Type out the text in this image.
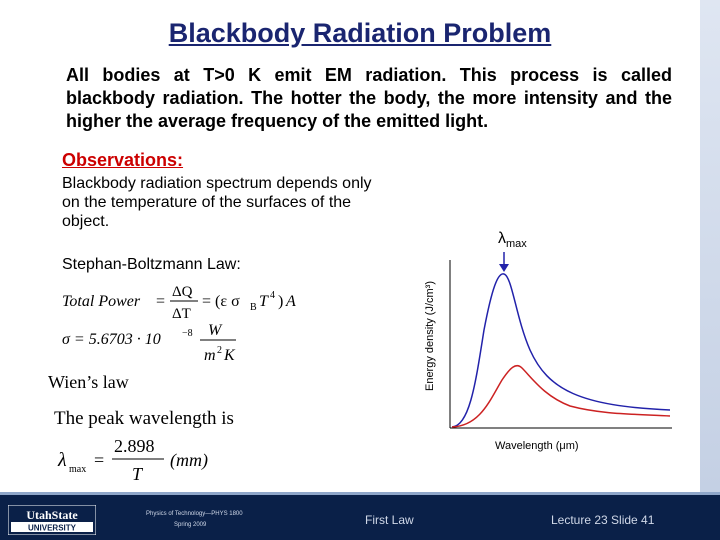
Blackbody Radiation Problem
All bodies at T>0 K emit EM radiation. This process is called blackbody radiation. The hotter the body, the more intensity and the higher the average frequency of the emitted light.
Observations:
Blackbody radiation spectrum depends only on the temperature of the surfaces of the object.
Stephan-Boltzmann Law:
Total Power =
ΔQ
ΔT
= (ε σ B T 4 ) A
σ = 5.6703 · 10 −8 W
m 2 K
Wien’s law
The peak wavelength is
λ max =
2.898
T
(mm)
$\lambda_{max}$
Energy density (J/cm³)
Wavelength (μm)
UtahState
UNIVERSITY
Physics of Technology—PHYS 1800
Spring 2009	First Law	Lecture 23 Slide 41
